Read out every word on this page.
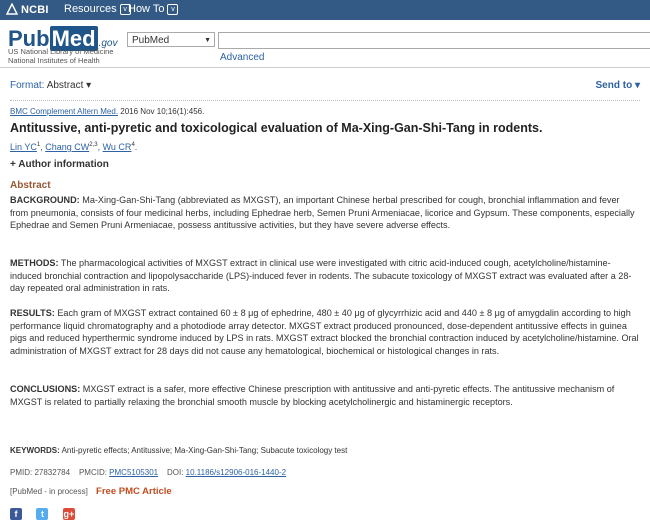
NCBI Resources v How To v
PubMed .gov
US National Library of Medicine
National Institutes of Health
PubMed	▼
Advanced
Format: Abstract ▾	Send to ▾
BMC Complement Altern Med. 2016 Nov 10;16(1):456.
Antitussive, anti-pyretic and toxicological evaluation of Ma-Xing-Gan-Shi-Tang in rodents.
Lin $YC^1$, Chang CW$^{2,3}$, Wu $CR^4$.
+ Author information
Abstract

BACKGROUND: Ma-Xing-Gan-Shi-Tang (abbreviated as MXGST), an important Chinese herbal prescribed for cough, bronchial inflammation and fever from pneumonia, consists of four medicinal herbs, including Ephedrae herb, Semen Pruni Armeniacae, licorice and Gypsum. These components, especially Ephedrae and Semen Pruni Armeniacae, possess antitussive activities, but they have severe adverse effects.

METHODS: The pharmacological activities of MXGST extract in clinical use were investigated with citric acid-induced cough, acetylcholine/histamine-induced bronchial contraction and lipopolysaccharide (LPS)-induced fever in rodents. The subacute toxicology of MXGST extract was evaluated after a 28-day repeated oral administration in rats.

RESULTS: Each gram of MXGST extract contained 60 ± 8 μg of ephedrine, 480 ± 40 μg of glycyrrhizic acid and 440 ± 8 μg of amygdalin according to high performance liquid chromatography and a photodiode array detector. MXGST extract produced pronounced, dose-dependent antitussive effects in guinea pigs and reduced hyperthermic syndrome induced by LPS in rats. MXGST extract blocked the bronchial contraction induced by acetylcholine/histamine. Oral administration of MXGST extract for 28 days did not cause any hematological, biochemical or histological changes in rats.

CONCLUSIONS: MXGST extract is a safer, more effective Chinese prescription with antitussive and anti-pyretic effects. The antitussive mechanism of MXGST is related to partially relaxing the bronchial smooth muscle by blocking acetylcholinergic and histaminergic receptors.

KEYWORDS: Anti-pyretic effects; Antitussive; Ma-Xing-Gan-Shi-Tang; Subacute toxicology test
PMID: 27832784 PMCID: PMC5105301 DOI: 10.1186/s12906-016-1440-2
[PubMed - in process] Free PMC Article
f	t g+
